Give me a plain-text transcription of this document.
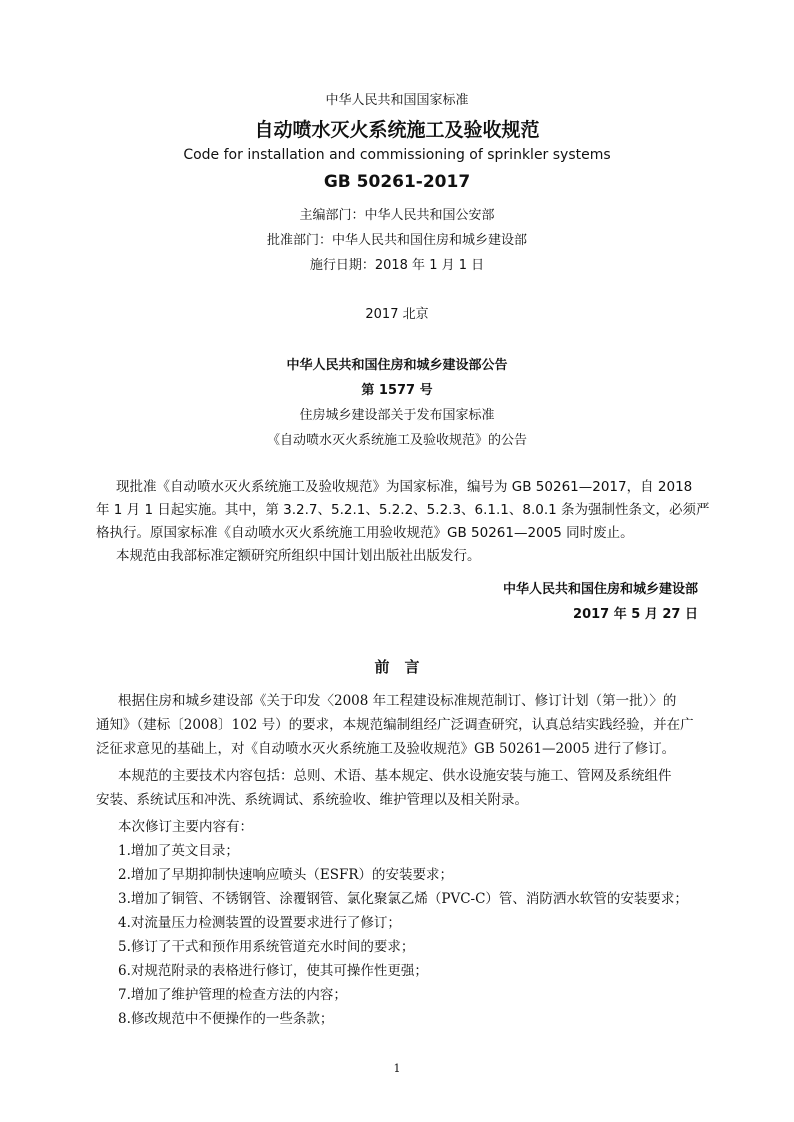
中华人民共和国国家标准
自动喷水灭火系统施工及验收规范
Code for installation and commissioning of sprinkler systems
GB 50261-2017
主编部门：中华人民共和国公安部
批准部门：中华人民共和国住房和城乡建设部
施行日期：2018 年 1 月 1 日
2017 北京
中华人民共和国住房和城乡建设部公告
第 1577 号
住房城乡建设部关于发布国家标准
《自动喷水灭火系统施工及验收规范》的公告
现批准《自动喷水灭火系统施工及验收规范》为国家标准，编号为 GB 50261—2017，自 2018
年 1 月 1 日起实施。其中，第 3.2.7、5.2.1、5.2.2、5.2.3、6.1.1、8.0.1 条为强制性条文，必须严
格执行。原国家标准《自动喷水灭火系统施工用验收规范》GB 50261—2005 同时废止。
本规范由我部标准定额研究所组织中国计划出版社出版发行。
中华人民共和国住房和城乡建设部
2017 年 5 月 27 日
前　言
根据住房和城乡建设部《关于印发〈2008 年工程建设标准规范制订、修订计划（第一批）〉的
通知》（建标〔2008〕102 号）的要求，本规范编制组经广泛调查研究，认真总结实践经验，并在广
泛征求意见的基础上，对《自动喷水灭火系统施工及验收规范》GB 50261—2005 进行了修订。
本规范的主要技术内容包括：总则、术语、基本规定、供水设施安装与施工、管网及系统组件
安装、系统试压和冲洗、系统调试、系统验收、维护管理以及相关附录。
本次修订主要内容有：
1.增加了英文目录；
2.增加了早期抑制快速响应喷头（ESFR）的安装要求；
3.增加了铜管、不锈钢管、涂覆钢管、氯化聚氯乙烯（PVC-C）管、消防洒水软管的安装要求；
4.对流量压力检测装置的设置要求进行了修订；
5.修订了干式和预作用系统管道充水时间的要求；
6.对规范附录的表格进行修订，使其可操作性更强；
7.增加了维护管理的检查方法的内容；
8.修改规范中不便操作的一些条款；
1
